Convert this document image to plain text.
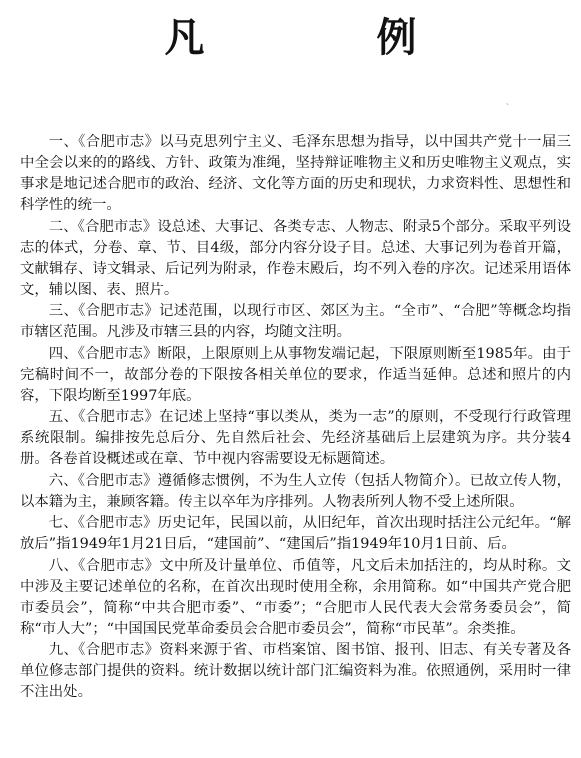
凡　例
ˎ

一、《合肥市志》以马克思列宁主义、毛泽东思想为指导，以中国共产党十一届三中全会以来的的路线、方针、政策为准绳，坚持辩证唯物主义和历史唯物主义观点，实事求是地记述合肥市的政治、经济、文化等方面的历史和现状，力求资料性、思想性和科学性的统一。

二、《合肥市志》设总述、大事记、各类专志、人物志、附录5个部分。采取平列设志的体式，分卷、章、节、目4级，部分内容分设子目。总述、大事记列为卷首开篇，文献辑存、诗文辑录、后记列为附录，作卷末殿后，均不列入卷的序次。记述采用语体文，辅以图、表、照片。

三、《合肥市志》记述范围，以现行市区、郊区为主。“全市”、“合肥”等概念均指市辖区范围。凡涉及市辖三县的内容，均随文注明。

四、《合肥市志》断限，上限原则上从事物发端记起，下限原则断至1985年。由于完稿时间不一，故部分卷的下限按各相关单位的要求，作适当延伸。总述和照片的内容，下限均断至1997年底。

五、《合肥市志》在记述上坚持“事以类从，类为一志”的原则，不受现行行政管理系统限制。编排按先总后分、先自然后社会、先经济基础后上层建筑为序。共分装4册。各卷首设概述或在章、节中视内容需要设无标题简述。

六、《合肥市志》遵循修志惯例，不为生人立传（包括人物简介）。已故立传人物，以本籍为主，兼顾客籍。传主以卒年为序排列。人物表所列人物不受上述所限。

七、《合肥市志》历史记年，民国以前，从旧纪年，首次出现时括注公元纪年。“解放后”指1949年1月21日后，“建国前”、“建国后”指1949年10月1日前、后。

八、《合肥市志》文中所及计量单位、币值等，凡文后未加括注的，均从时称。文中涉及主要记述单位的名称，在首次出现时使用全称，余用简称。如“中国共产党合肥市委员会”，简称“中共合肥市委”、“市委”；“合肥市人民代表大会常务委员会”，简称“市人大”；“中国国民党革命委员会合肥市委员会”，简称“市民革”。余类推。

九、《合肥市志》资料来源于省、市档案馆、图书馆、报刊、旧志、有关专著及各单位修志部门提供的资料。统计数据以统计部门汇编资料为准。依照通例，采用时一律不注出处。
